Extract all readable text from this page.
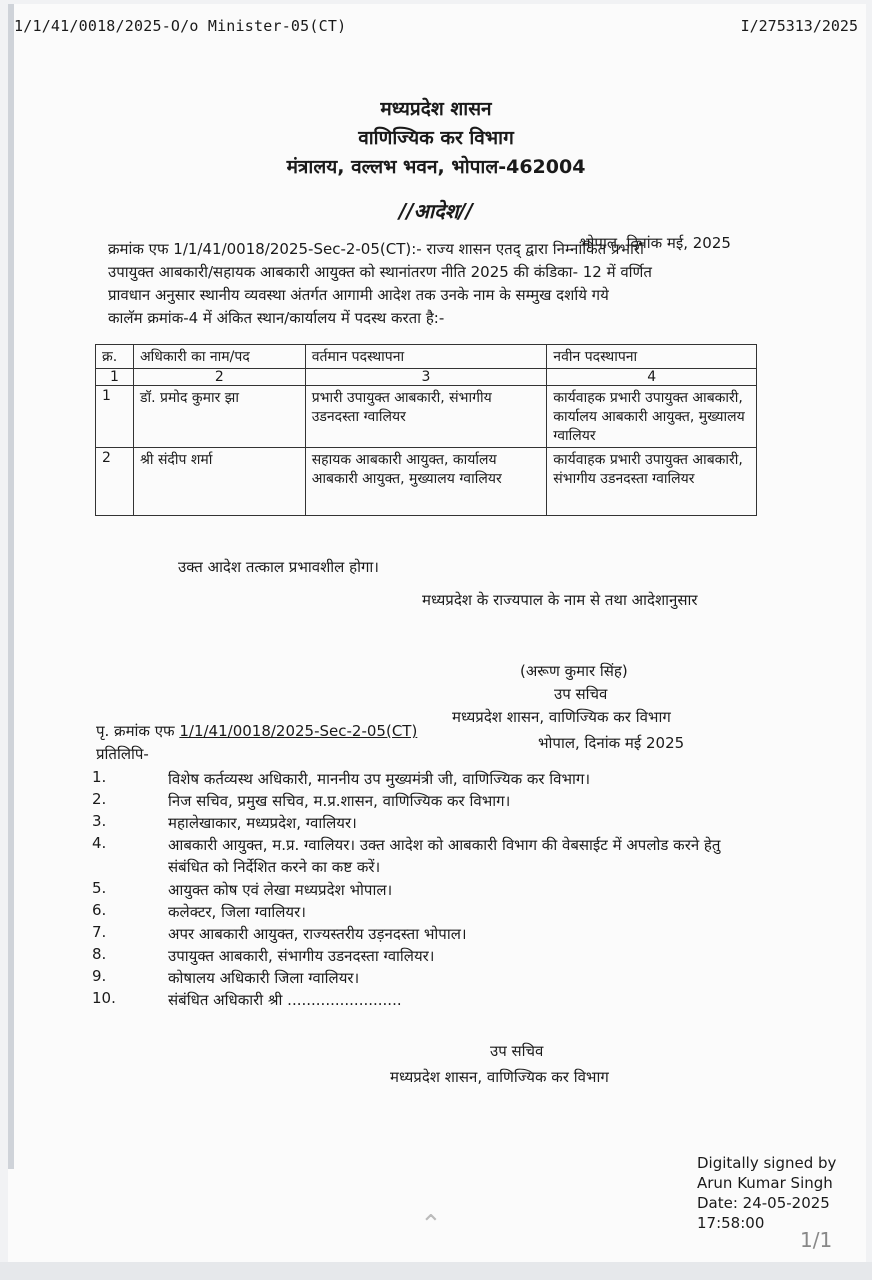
1/1/41/0018/2025-O/o Minister-05(CT)	I/275313/2025
मध्यप्रदेश शासन
वाणिज्यिक कर विभाग
मंत्रालय, वल्लभ भवन, भोपाल-462004
//आदेश//
भोपाल, दिनांक मई, 2025
क्रमांक एफ 1/1/41/0018/2025-Sec-2-05(CT):- राज्य शासन एतद् द्वारा निम्नांकित प्रभारी
उपायुक्त आबकारी/सहायक आबकारी आयुक्त को स्थानांतरण नीति 2025 की कंडिका- 12 में वर्णित
प्रावधान अनुसार स्थानीय व्यवस्था अंतर्गत आगामी आदेश तक उनके नाम के सम्मुख दर्शाये गये
कालॅम क्रमांक-4 में अंकित स्थान/कार्यालय में पदस्थ करता है:-
क्र.	अधिकारी का नाम/पद	वर्तमान पदस्थापना	नवीन पदस्थापना
1	2	3	4
1	डॉ. प्रमोद कुमार झा	प्रभारी उपायुक्त आबकारी, संभागीय उडनदस्ता ग्वालियर	कार्यवाहक प्रभारी उपायुक्त आबकारी, कार्यालय आबकारी आयुक्त, मुख्यालय ग्वालियर
2	श्री संदीप शर्मा	सहायक आबकारी आयुक्त, कार्यालय आबकारी आयुक्त, मुख्यालय ग्वालियर	कार्यवाहक प्रभारी उपायुक्त आबकारी, संभागीय उडनदस्ता ग्वालियर
उक्त आदेश तत्काल प्रभावशील होगा।
मध्यप्रदेश के राज्यपाल के नाम से तथा आदेशानुसार
(अरूण कुमार सिंह)
उप सचिव
मध्यप्रदेश शासन, वाणिज्यिक कर विभाग
पृ. क्रमांक एफ 1/1/41/0018/2025-Sec-2-05(CT)
भोपाल, दिनांक मई 2025
प्रतिलिपि-
1.	विशेष कर्तव्यस्थ अधिकारी, माननीय उप मुख्यमंत्री जी, वाणिज्यिक कर विभाग।
2.	निज सचिव, प्रमुख सचिव, म.प्र.शासन, वाणिज्यिक कर विभाग।
3.	महालेखाकार, मध्यप्रदेश, ग्वालियर।
4.	आबकारी आयुक्त, म.प्र. ग्वालियर। उक्त आदेश को आबकारी विभाग की वेबसाईट में अपलोड करने हेतु संबंधित को निर्देशित करने का कष्ट करें।
5.	आयुक्त कोष एवं लेखा मध्यप्रदेश भोपाल।
6.	कलेक्टर, जिला ग्वालियर।
7.	अपर आबकारी आयुक्त, राज्यस्तरीय उड़नदस्ता भोपाल।
8.	उपायुक्त आबकारी, संभागीय उडनदस्ता ग्वालियर।
9.	कोषालय अधिकारी जिला ग्वालियर।
10.	संबंधित अधिकारी श्री ........................
उप सचिव
मध्यप्रदेश शासन, वाणिज्यिक कर विभाग
Digitally signed by
Arun Kumar Singh
Date: 24-05-2025
17:58:00
⌃	1/1
